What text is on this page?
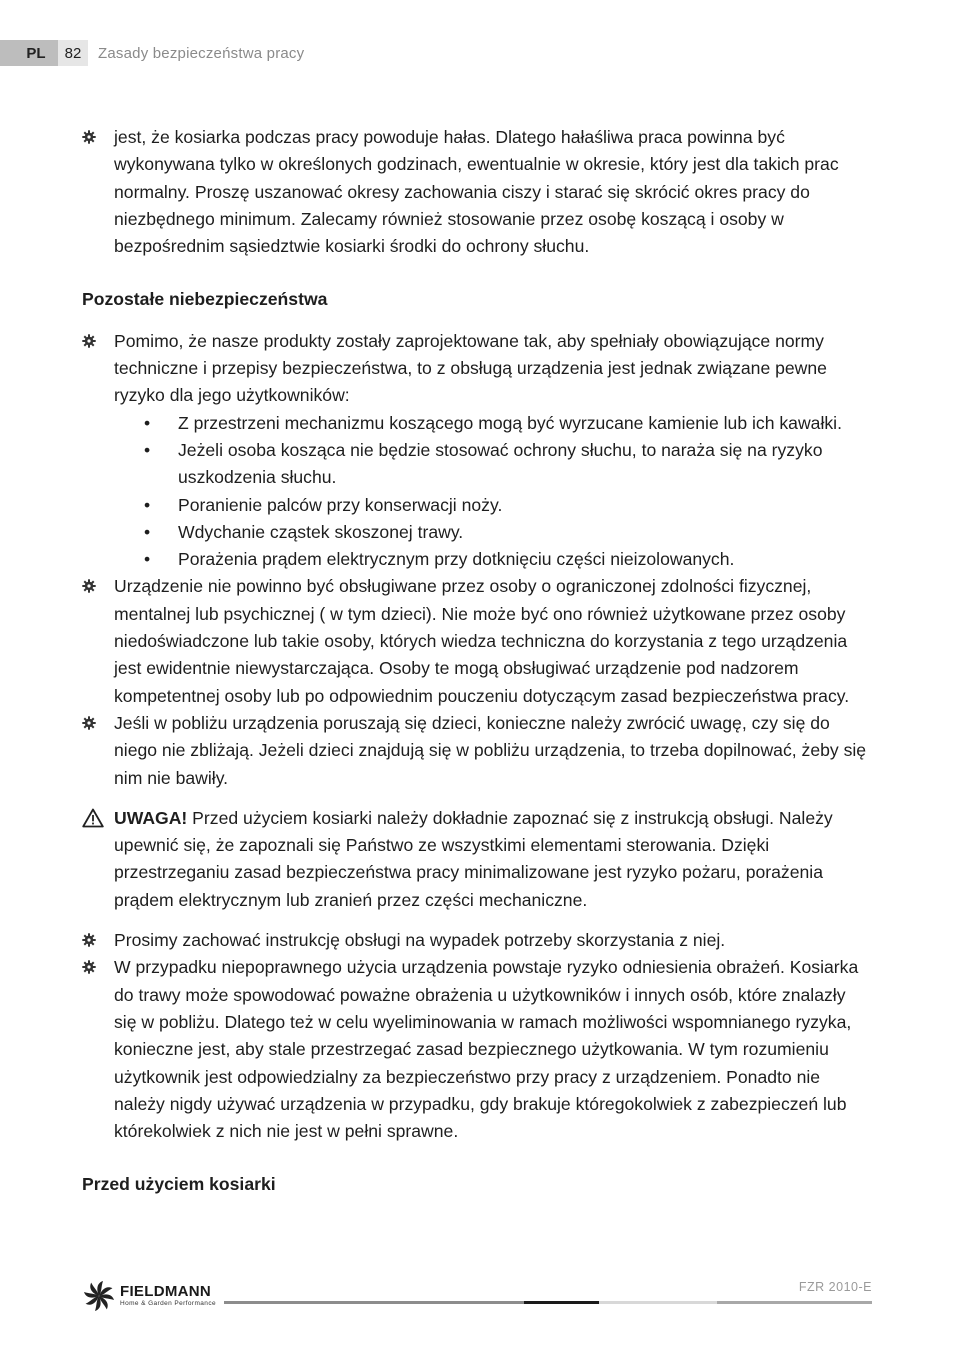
PL	82	Zasady bezpieczeństwa pracy
jest, że kosiarka podczas pracy powoduje hałas. Dlatego hałaśliwa praca powinna być wykonywana tylko w określonych godzinach, ewentualnie w okresie, który jest dla takich prac normalny. Proszę uszanować okresy zachowania ciszy i starać się skrócić okres pracy do niezbędnego minimum. Zalecamy również stosowanie przez osobę koszącą i osoby w bezpośrednim sąsiedztwie kosiarki środki do ochrony słuchu.
Pozostałe niebezpieczeństwa
Pomimo, że nasze produkty zostały zaprojektowane tak, aby spełniały obowiązujące normy techniczne i przepisy bezpieczeństwa, to z obsługą urządzenia jest jednak związane pewne ryzyko dla jego użytkowników:
• Z przestrzeni mechanizmu koszącego mogą być wyrzucane kamienie lub ich kawałki.
• Jeżeli osoba kosząca nie będzie stosować ochrony słuchu, to naraża się na ryzyko uszkodzenia słuchu.
• Poranienie palców przy konserwacji noży.
• Wdychanie cząstek skoszonej trawy.
• Porażenia prądem elektrycznym przy dotknięciu części nieizolowanych.
Urządzenie nie powinno być obsługiwane przez osoby o ograniczonej zdolności fizycznej, mentalnej lub psychicznej ( w tym dzieci). Nie może być ono również użytkowane przez osoby niedoświadczone lub takie osoby, których wiedza techniczna do korzystania z tego urządzenia jest ewidentnie niewystarczająca. Osoby te mogą obsługiwać urządzenie pod nadzorem kompetentnej osoby lub po odpowiednim pouczeniu dotyczącym zasad bezpieczeństwa pracy.
Jeśli w pobliżu urządzenia poruszają się dzieci, konieczne należy zwrócić uwagę, czy się do niego nie zbliżają. Jeżeli dzieci znajdują się w pobliżu urządzenia, to trzeba dopilnować, żeby się nim nie bawiły.
UWAGA! Przed użyciem kosiarki należy dokładnie zapoznać się z instrukcją obsługi. Należy upewnić się, że zapoznali się Państwo ze wszystkimi elementami sterowania. Dzięki przestrzeganiu zasad bezpieczeństwa pracy minimalizowane jest ryzyko pożaru, porażenia prądem elektrycznym lub zranień przez części mechaniczne.
Prosimy zachować instrukcję obsługi na wypadek potrzeby skorzystania z niej.
W przypadku niepoprawnego użycia urządzenia powstaje ryzyko odniesienia obrażeń. Kosiarka do trawy może spowodować poważne obrażenia u użytkowników i innych osób, które znalazły się w pobliżu. Dlatego też w celu wyeliminowania w ramach możliwości wspomnianego ryzyka, konieczne jest, aby stale przestrzegać zasad bezpiecznego użytkowania. W tym rozumieniu użytkownik jest odpowiedzialny za bezpieczeństwo przy pracy z urządzeniem. Ponadto nie należy nigdy używać urządzenia w przypadku, gdy brakuje któregokolwiek z zabezpieczeń lub którekolwiek z nich nie jest w pełni sprawne.
Przed użyciem kosiarki
FIELDMANN
Home & Garden Performance
FZR 2010-E
